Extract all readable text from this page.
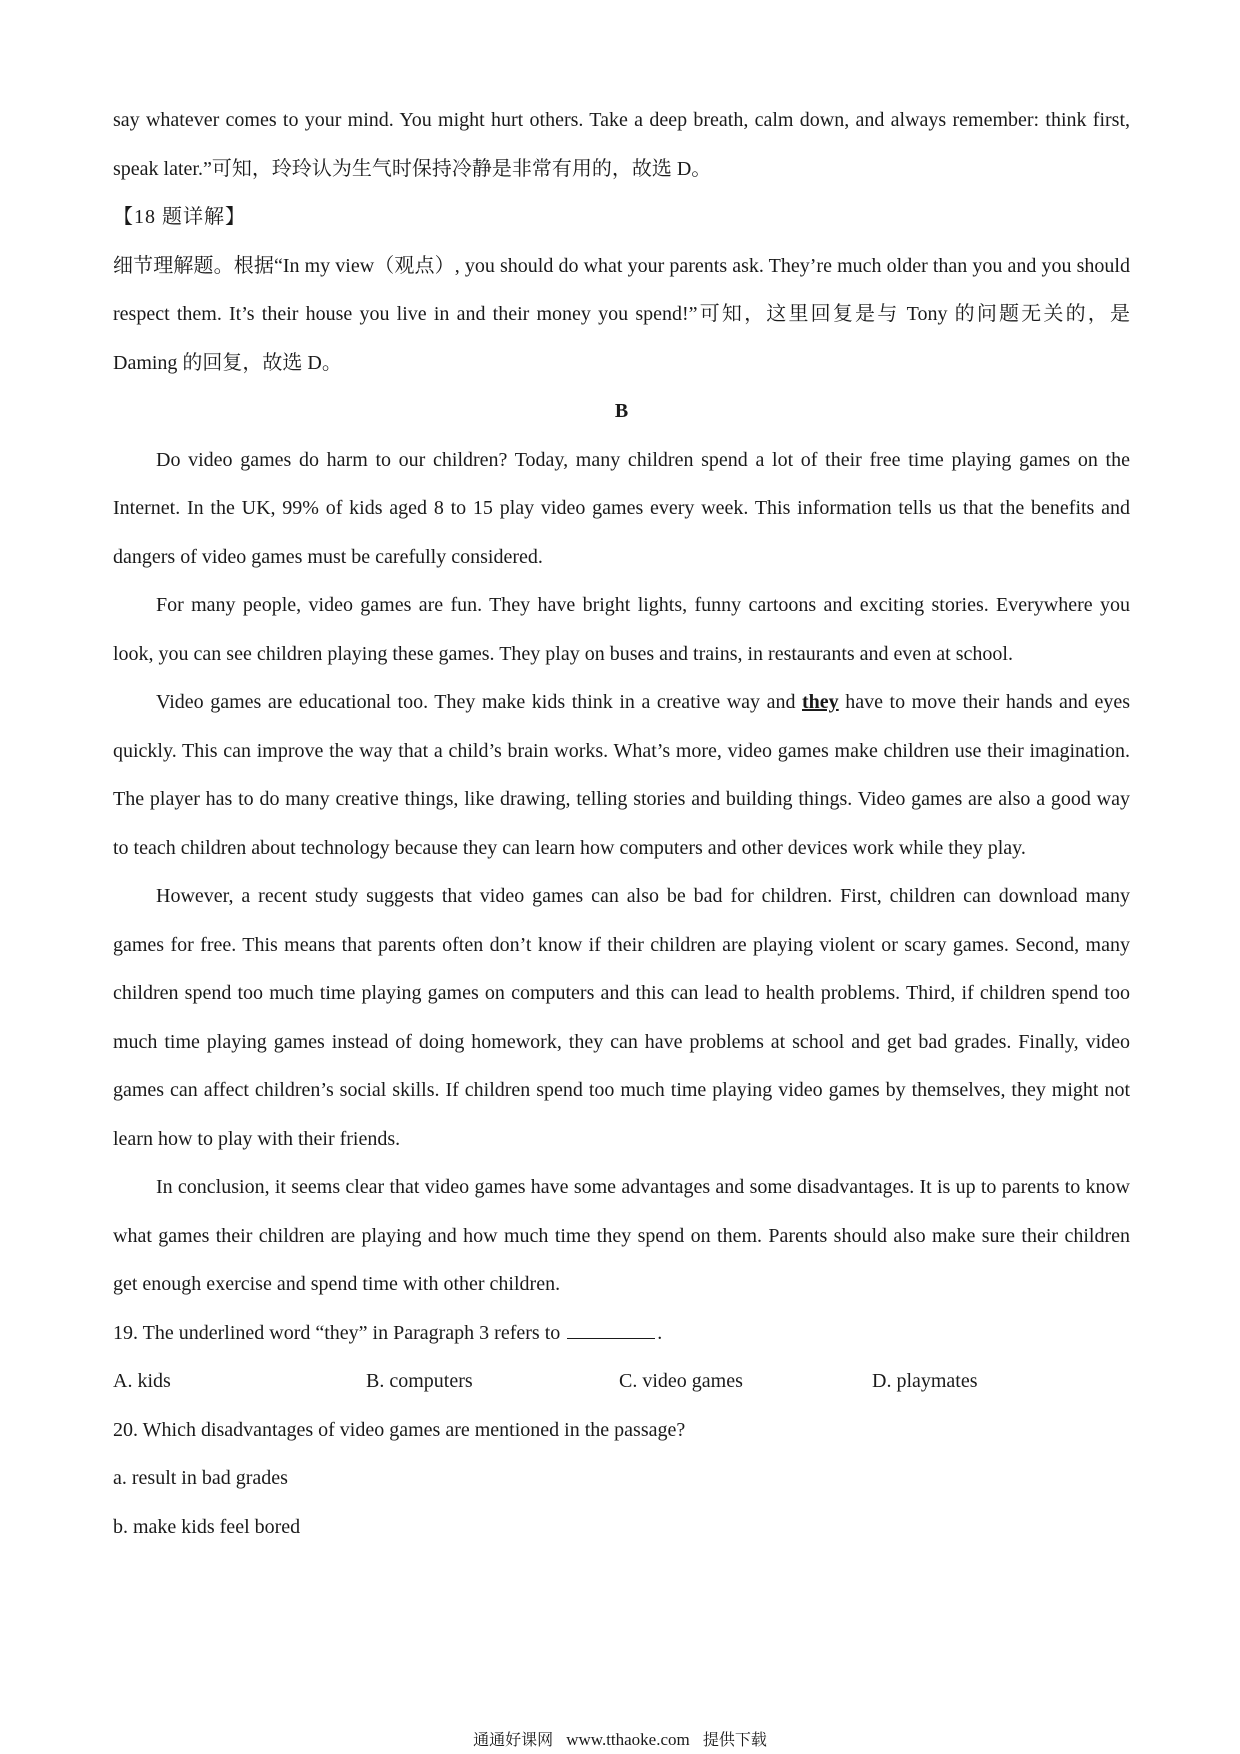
say whatever comes to your mind. You might hurt others. Take a deep breath, calm down, and always remember: think first, speak later.”可知，玲玲认为生气时保持冷静是非常有用的，故选 D。

【18 题详解】

细节理解题。根据“In my view（观点）, you should do what your parents ask. They’re much older than you and you should respect them. It’s their house you live in and their money you spend!”可知，这里回复是与 Tony 的问题无关的，是 Daming 的回复，故选 D。

B

Do video games do harm to our children? Today, many children spend a lot of their free time playing games on the Internet. In the UK, 99% of kids aged 8 to 15 play video games every week. This information tells us that the benefits and dangers of video games must be carefully considered.

For many people, video games are fun. They have bright lights, funny cartoons and exciting stories. Everywhere you look, you can see children playing these games. They play on buses and trains, in restaurants and even at school.

Video games are educational too. They make kids think in a creative way and they have to move their hands and eyes quickly. This can improve the way that a child’s brain works. What’s more, video games make children use their imagination. The player has to do many creative things, like drawing, telling stories and building things. Video games are also a good way to teach children about technology because they can learn how computers and other devices work while they play.

However, a recent study suggests that video games can also be bad for children. First, children can download many games for free. This means that parents often don’t know if their children are playing violent or scary games. Second, many children spend too much time playing games on computers and this can lead to health problems. Third, if children spend too much time playing games instead of doing homework, they can have problems at school and get bad grades. Finally, video games can affect children’s social skills. If children spend too much time playing video games by themselves, they might not learn how to play with their friends.

In conclusion, it seems clear that video games have some advantages and some disadvantages. It is up to parents to know what games their children are playing and how much time they spend on them. Parents should also make sure their children get enough exercise and spend time with other children.

19. The underlined word “they” in Paragraph 3 refers to	.

A. kids	B. computers	C. video games	D. playmates

20. Which disadvantages of video games are mentioned in the passage?

a. result in bad grades

b. make kids feel bored

通通好课网 www.tthaoke.com 提供下载
